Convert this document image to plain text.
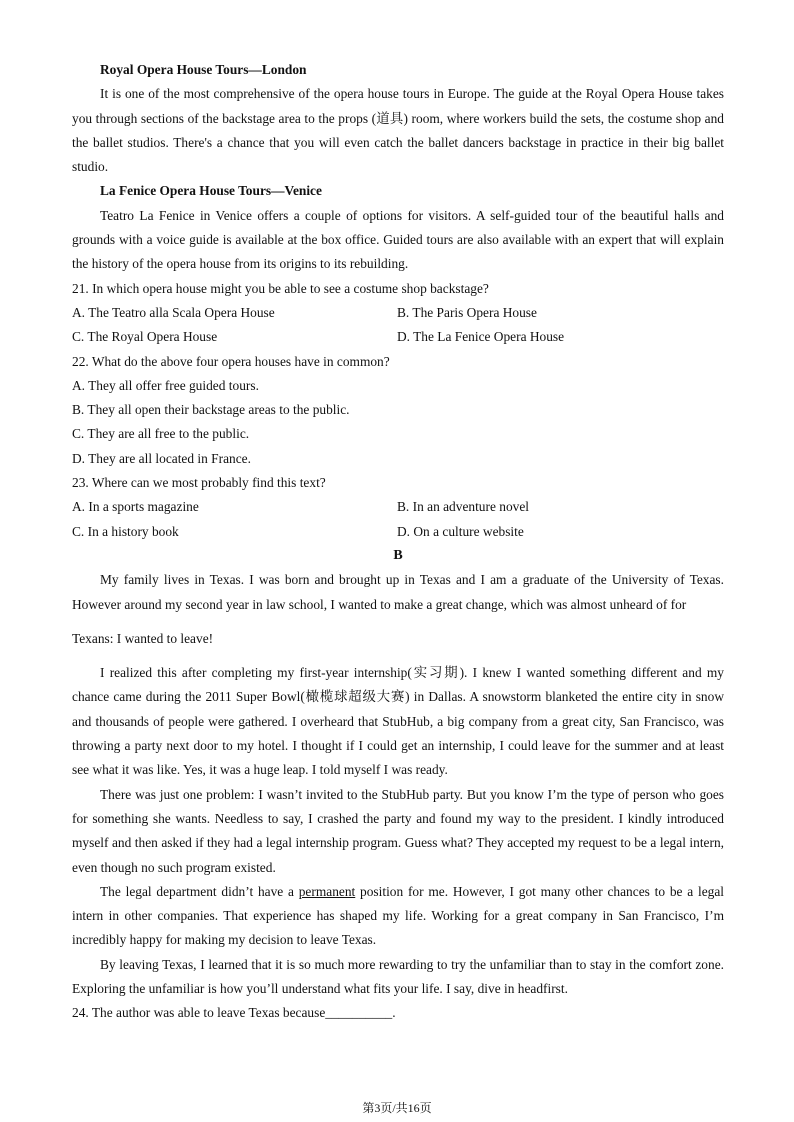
Royal Opera House Tours—London

It is one of the most comprehensive of the opera house tours in Europe. The guide at the Royal Opera House takes you through sections of the backstage area to the props (道具) room, where workers build the sets, the costume shop and the ballet studios. There's a chance that you will even catch the ballet dancers backstage in practice in their big ballet studio.

La Fenice Opera House Tours—Venice

Teatro La Fenice in Venice offers a couple of options for visitors. A self-guided tour of the beautiful halls and grounds with a voice guide is available at the box office. Guided tours are also available with an expert that will explain the history of the opera house from its origins to its rebuilding.

21. In which opera house might you be able to see a costume shop backstage?

A. The Teatro alla Scala Opera House	B. The Paris Opera House
C. The Royal Opera House	D. The La Fenice Opera House

22. What do the above four opera houses have in common?

A. They all offer free guided tours.

B. They all open their backstage areas to the public.

C. They are all free to the public.

D. They are all located in France.

23. Where can we most probably find this text?

A. In a sports magazine	B. In an adventure novel
C. In a history book	D. On a culture website

B

My family lives in Texas. I was born and brought up in Texas and I am a graduate of the University of Texas. However around my second year in law school, I wanted to make a great change, which was almost unheard of for

Texans: I wanted to leave!

I realized this after completing my first-year internship(实习期). I knew I wanted something different and my chance came during the 2011 Super Bowl(橄榄球超级大赛) in Dallas. A snowstorm blanketed the entire city in snow and thousands of people were gathered. I overheard that StubHub, a big company from a great city, San Francisco, was throwing a party next door to my hotel. I thought if I could get an internship, I could leave for the summer and at least see what it was like. Yes, it was a huge leap. I told myself I was ready.

There was just one problem: I wasn’t invited to the StubHub party. But you know I’m the type of person who goes for something she wants. Needless to say, I crashed the party and found my way to the president. I kindly introduced myself and then asked if they had a legal internship program. Guess what? They accepted my request to be a legal intern, even though no such program existed.

The legal department didn’t have a permanent position for me. However, I got many other chances to be a legal intern in other companies. That experience has shaped my life. Working for a great company in San Francisco, I’m incredibly happy for making my decision to leave Texas.

By leaving Texas, I learned that it is so much more rewarding to try the unfamiliar than to stay in the comfort zone. Exploring the unfamiliar is how you’ll understand what fits your life. I say, dive in headfirst.

24. The author was able to leave Texas because__________.

第3页/共16页
